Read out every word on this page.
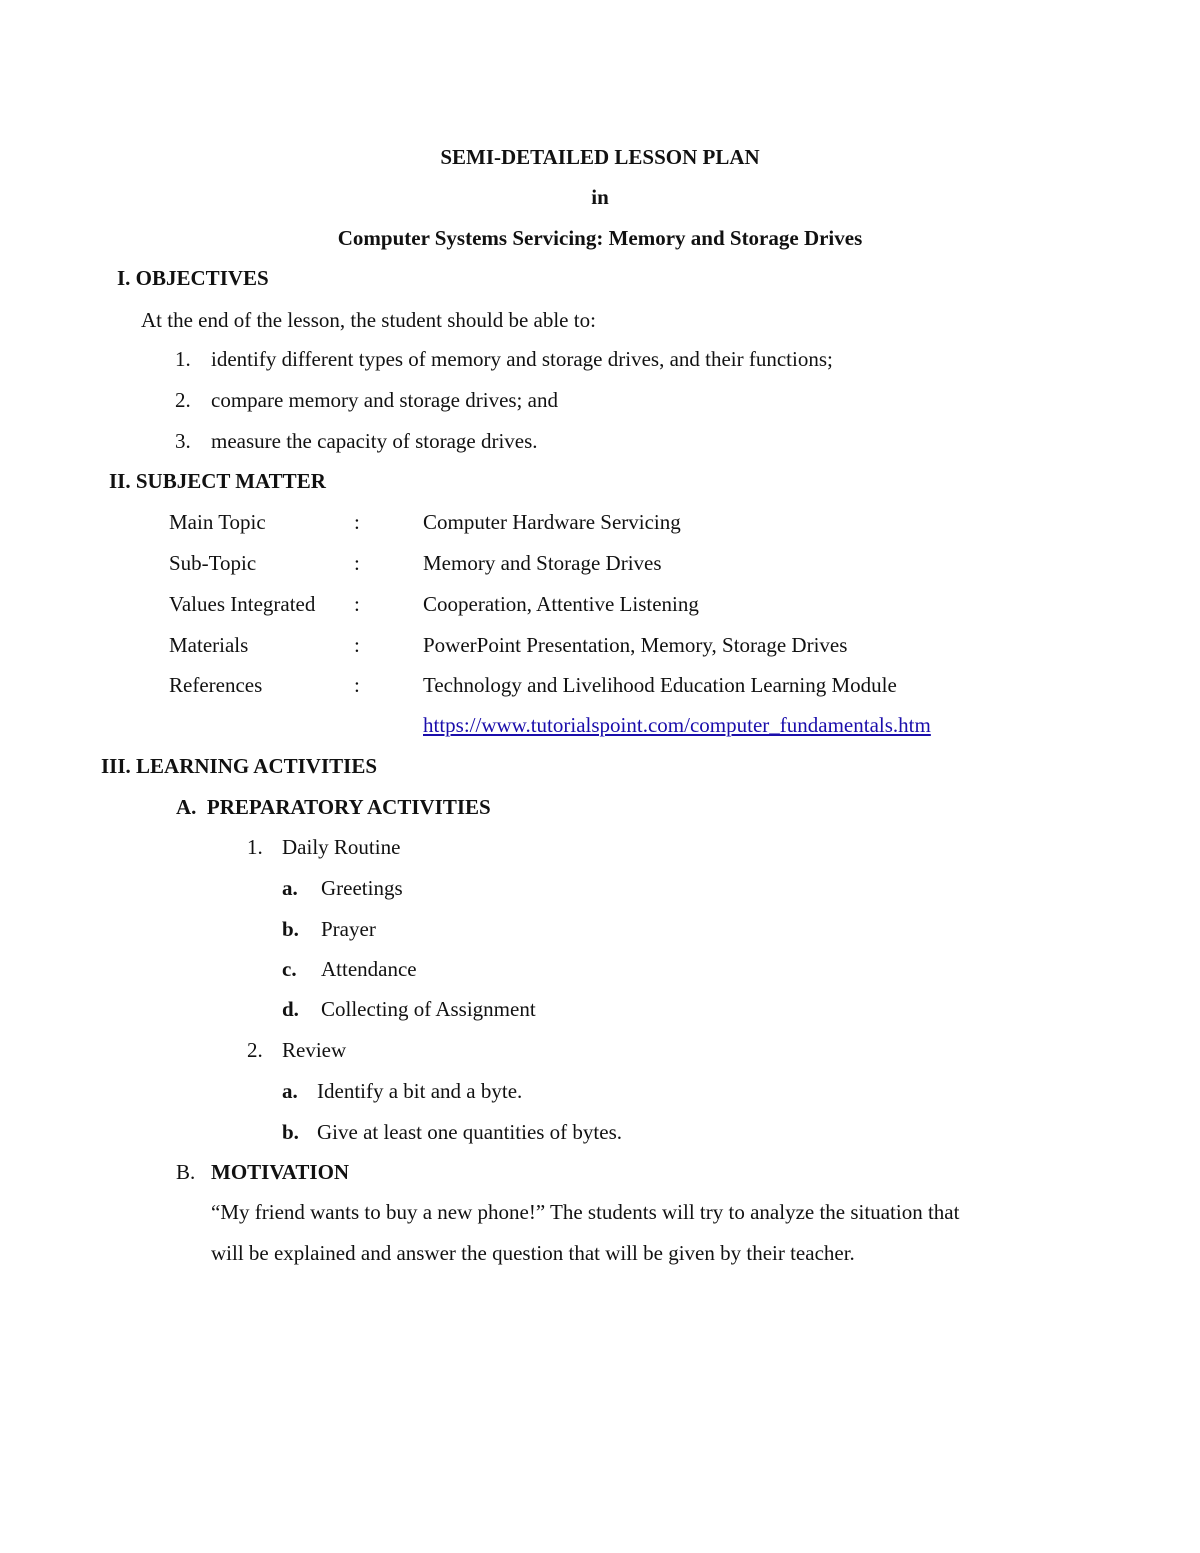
SEMI-DETAILED LESSON PLAN
in
Computer Systems Servicing: Memory and Storage Drives
I. OBJECTIVES
At the end of the lesson, the student should be able to:
1. identify different types of memory and storage drives, and their functions;
2. compare memory and storage drives; and
3. measure the capacity of storage drives.
II. SUBJECT MATTER
Main Topic	:	Computer Hardware Servicing
Sub-Topic	:	Memory and Storage Drives
Values Integrated :	Cooperation, Attentive Listening
Materials	:	PowerPoint Presentation, Memory, Storage Drives
References	:	Technology and Livelihood Education Learning Module
https://www.tutorialspoint.com/computer_fundamentals.htm
III. LEARNING ACTIVITIES
A.  PREPARATORY ACTIVITIES
1. Daily Routine
a. Greetings
b. Prayer
c. Attendance
d. Collecting of Assignment
2. Review
a. Identify a bit and a byte.
b. Give at least one quantities of bytes.
B. MOTIVATION
“My friend wants to buy a new phone!” The students will try to analyze the situation that
will be explained and answer the question that will be given by their teacher.
